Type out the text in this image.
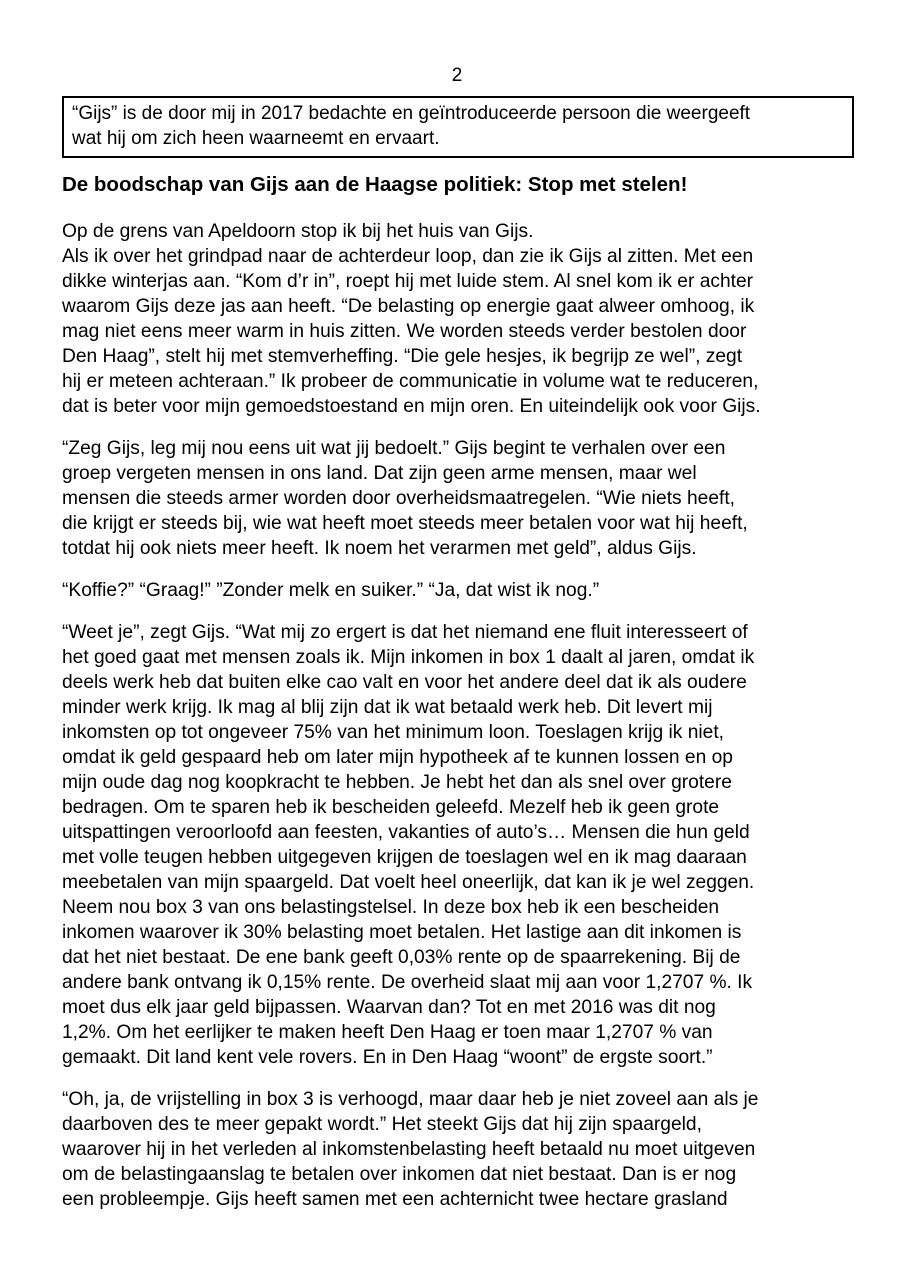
2
“Gijs” is de door mij in 2017 bedachte en geïntroduceerde persoon die weergeeft
wat hij om zich heen waarneemt en ervaart.
De boodschap van Gijs aan de Haagse politiek: Stop met stelen!

Op de grens van Apeldoorn stop ik bij het huis van Gijs.
Als ik over het grindpad naar de achterdeur loop, dan zie ik Gijs al zitten. Met een
dikke winterjas aan. “Kom d’r in”, roept hij met luide stem. Al snel kom ik er achter
waarom Gijs deze jas aan heeft. “De belasting op energie gaat alweer omhoog, ik
mag niet eens meer warm in huis zitten. We worden steeds verder bestolen door
Den Haag”, stelt hij met stemverheffing. “Die gele hesjes, ik begrijp ze wel”, zegt
hij er meteen achteraan.” Ik probeer de communicatie in volume wat te reduceren,
dat is beter voor mijn gemoedstoestand en mijn oren. En uiteindelijk ook voor Gijs.

“Zeg Gijs, leg mij nou eens uit wat jij bedoelt.” Gijs begint te verhalen over een
groep vergeten mensen in ons land. Dat zijn geen arme mensen, maar wel
mensen die steeds armer worden door overheidsmaatregelen. “Wie niets heeft,
die krijgt er steeds bij, wie wat heeft moet steeds meer betalen voor wat hij heeft,
totdat hij ook niets meer heeft. Ik noem het verarmen met geld”, aldus Gijs.

“Koffie?” “Graag!” ”Zonder melk en suiker.” “Ja, dat wist ik nog.”

“Weet je”, zegt Gijs. “Wat mij zo ergert is dat het niemand ene fluit interesseert of
het goed gaat met mensen zoals ik. Mijn inkomen in box 1 daalt al jaren, omdat ik
deels werk heb dat buiten elke cao valt en voor het andere deel dat ik als oudere
minder werk krijg. Ik mag al blij zijn dat ik wat betaald werk heb. Dit levert mij
inkomsten op tot ongeveer 75% van het minimum loon. Toeslagen krijg ik niet,
omdat ik geld gespaard heb om later mijn hypotheek af te kunnen lossen en op
mijn oude dag nog koopkracht te hebben. Je hebt het dan als snel over grotere
bedragen. Om te sparen heb ik bescheiden geleefd. Mezelf heb ik geen grote
uitspattingen veroorloofd aan feesten, vakanties of auto’s… Mensen die hun geld
met volle teugen hebben uitgegeven krijgen de toeslagen wel en ik mag daaraan
meebetalen van mijn spaargeld. Dat voelt heel oneerlijk, dat kan ik je wel zeggen.
Neem nou box 3 van ons belastingstelsel. In deze box heb ik een bescheiden
inkomen waarover ik 30% belasting moet betalen. Het lastige aan dit inkomen is
dat het niet bestaat. De ene bank geeft 0,03% rente op de spaarrekening. Bij de
andere bank ontvang ik 0,15% rente. De overheid slaat mij aan voor 1,2707 %. Ik
moet dus elk jaar geld bijpassen. Waarvan dan? Tot en met 2016 was dit nog
1,2%. Om het eerlijker te maken heeft Den Haag er toen maar 1,2707 % van
gemaakt. Dit land kent vele rovers. En in Den Haag “woont” de ergste soort.”

“Oh, ja, de vrijstelling in box 3 is verhoogd, maar daar heb je niet zoveel aan als je
daarboven des te meer gepakt wordt.” Het steekt Gijs dat hij zijn spaargeld,
waarover hij in het verleden al inkomstenbelasting heeft betaald nu moet uitgeven
om de belastingaanslag te betalen over inkomen dat niet bestaat. Dan is er nog
een probleempje. Gijs heeft samen met een achternicht twee hectare grasland
